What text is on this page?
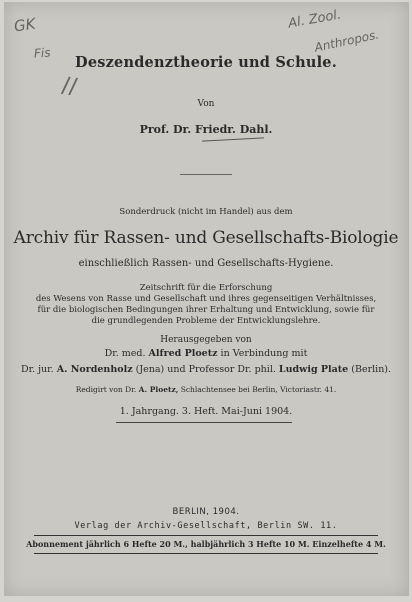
GK
Fis
//
Al. Zool.
Anthropos.
Deszendenztheorie und Schule.
Von
Prof. Dr. Friedr. Dahl.
Sonderdruck (nicht im Handel) aus dem
Archiv für Rassen- und Gesellschafts-Biologie
einschließlich Rassen- und Gesellschafts-Hygiene.
Zeitschrift für die Erforschung
des Wesens von Rasse und Gesellschaft und ihres gegenseitigen Verhältnisses,
für die biologischen Bedingungen ihrer Erhaltung und Entwicklung, sowie für
die grundlegenden Probleme der Entwicklungslehre.
Herausgegeben von
Dr. med. Alfred Ploetz in Verbindung mit
Dr. jur. A. Nordenholz (Jena) und Professor Dr. phil. Ludwig Plate (Berlin).
Redigirt von Dr. A. Ploetz, Schlachtensee bei Berlin, Victoriastr. 41.
1. Jahrgang. 3. Heft. Mai-Juni 1904.
BERLIN, 1904.
Verlag der Archiv-Gesellschaft, Berlin SW. 11.
Abonnement jährlich 6 Hefte 20 M., halbjährlich 3 Hefte 10 M. Einzelhefte 4 M.
